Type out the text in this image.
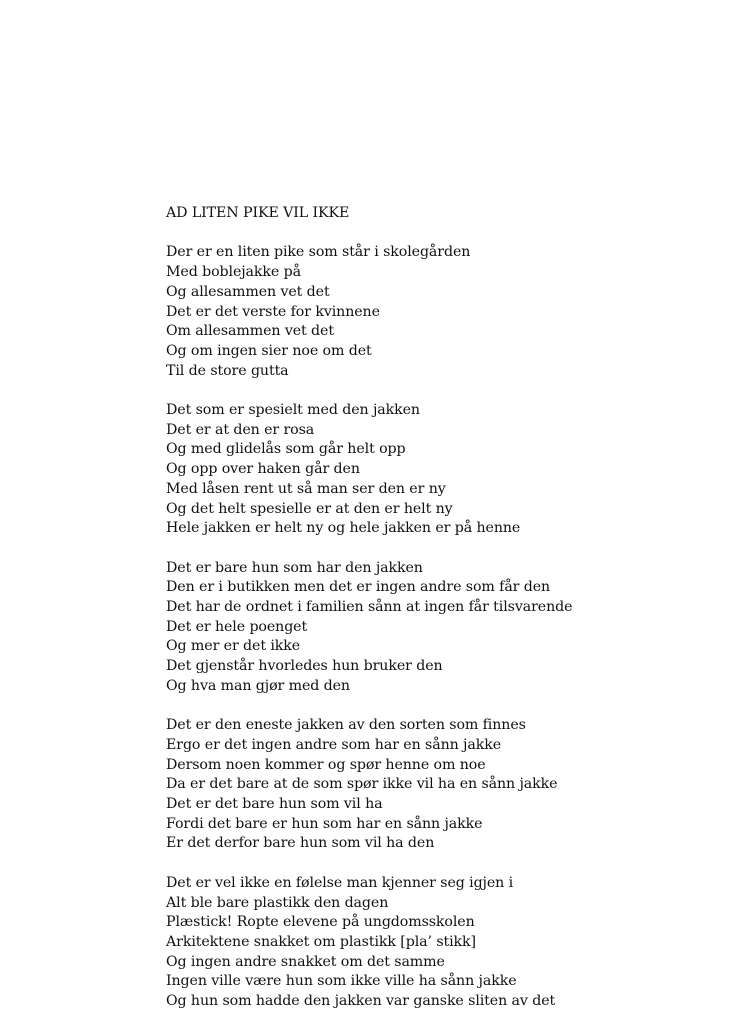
AD LITEN PIKE VIL IKKE
Der er en liten pike som står i skolegården
Med boblejakke på
Og allesammen vet det
Det er det verste for kvinnene
Om allesammen vet det
Og om ingen sier noe om det
Til de store gutta
Det som er spesielt med den jakken
Det er at den er rosa
Og med glidelås som går helt opp
Og opp over haken går den
Med låsen rent ut så man ser den er ny
Og det helt spesielle er at den er helt ny
Hele jakken er helt ny og hele jakken er på henne
Det er bare hun som har den jakken
Den er i butikken men det er ingen andre som får den
Det har de ordnet i familien sånn at ingen får tilsvarende
Det er hele poenget
Og mer er det ikke
Det gjenstår hvorledes hun bruker den
Og hva man gjør med den
Det er den eneste jakken av den sorten som finnes
Ergo er det ingen andre som har en sånn jakke
Dersom noen kommer og spør henne om noe
Da er det bare at de som spør ikke vil ha en sånn jakke
Det er det bare hun som vil ha
Fordi det bare er hun som har en sånn jakke
Er det derfor bare hun som vil ha den
Det er vel ikke en følelse man kjenner seg igjen i
Alt ble bare plastikk den dagen
Plæstick! Ropte elevene på ungdomsskolen
Arkitektene snakket om plastikk [pla’ stikk]
Og ingen andre snakket om det samme
Ingen ville være hun som ikke ville ha sånn jakke
Og hun som hadde den jakken var ganske sliten av det
